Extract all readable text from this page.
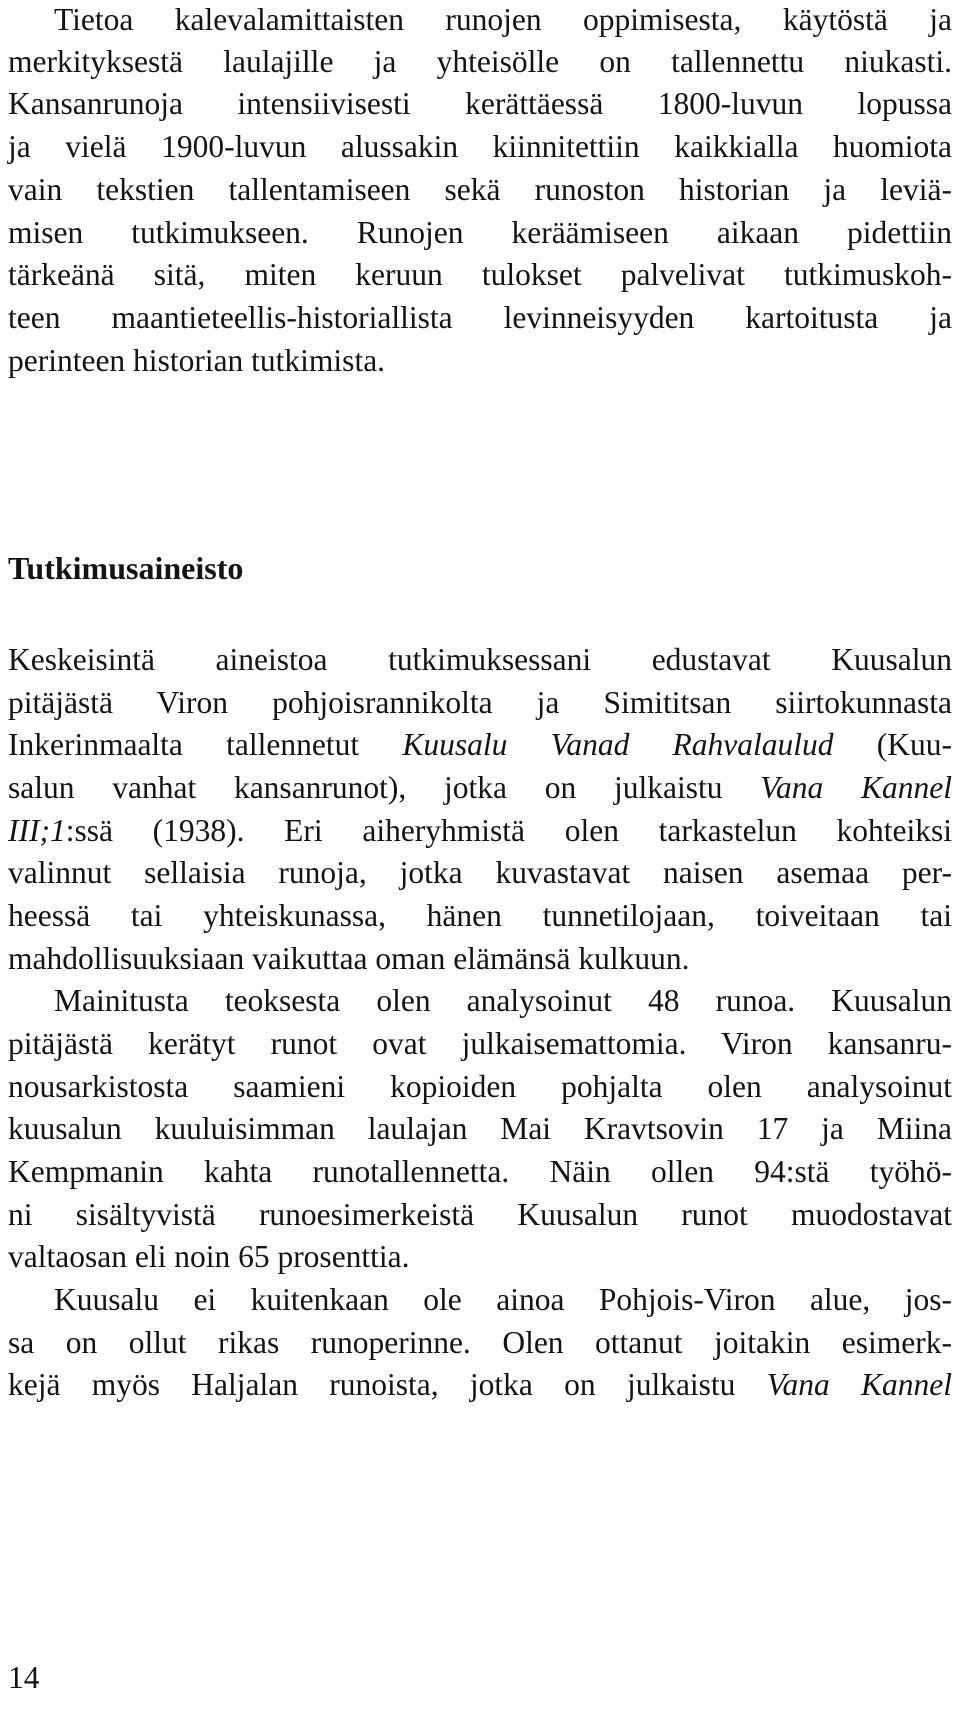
Tietoa kalevalamittaisten runojen oppimisesta, käytöstä ja
merkityksestä laulajille ja yhteisölle on tallennettu niukasti.
Kansanrunoja intensiivisesti kerättäessä 1800-luvun lopussa
ja vielä 1900-luvun alussakin kiinnitettiin kaikkialla huomiota
vain tekstien tallentamiseen sekä runoston historian ja leviä-
misen tutkimukseen. Runojen keräämiseen aikaan pidettiin
tärkeänä sitä, miten keruun tulokset palvelivat tutkimuskoh-
teen maantieteellis-historiallista levinneisyyden kartoitusta ja
perinteen historian tutkimista.
Tutkimusaineisto
Keskeisintä aineistoa tutkimuksessani edustavat Kuusalun
pitäjästä Viron pohjoisrannikolta ja Simititsan siirtokunnasta
Inkerinmaalta tallennetut Kuusalu Vanad Rahvalaulud (Kuu-
salun vanhat kansanrunot), jotka on julkaistu Vana Kannel
III;1:ssä (1938). Eri aiheryhmistä olen tarkastelun kohteiksi
valinnut sellaisia runoja, jotka kuvastavat naisen asemaa per-
heessä tai yhteiskunassa, hänen tunnetilojaan, toiveitaan tai
mahdollisuuksiaan vaikuttaa oman elämänsä kulkuun.
Mainitusta teoksesta olen analysoinut 48 runoa. Kuusalun
pitäjästä kerätyt runot ovat julkaisemattomia. Viron kansanru-
nousarkistosta saamieni kopioiden pohjalta olen analysoinut
kuusalun kuuluisimman laulajan Mai Kravtsovin 17 ja Miina
Kempmanin kahta runotallennetta. Näin ollen 94:stä työhö-
ni sisältyvistä runoesimerkeistä Kuusalun runot muodostavat
valtaosan eli noin 65 prosenttia.
Kuusalu ei kuitenkaan ole ainoa Pohjois-Viron alue, jos-
sa on ollut rikas runoperinne. Olen ottanut joitakin esimerk-
kejä myös Haljalan runoista, jotka on julkaistu Vana Kannel
14
